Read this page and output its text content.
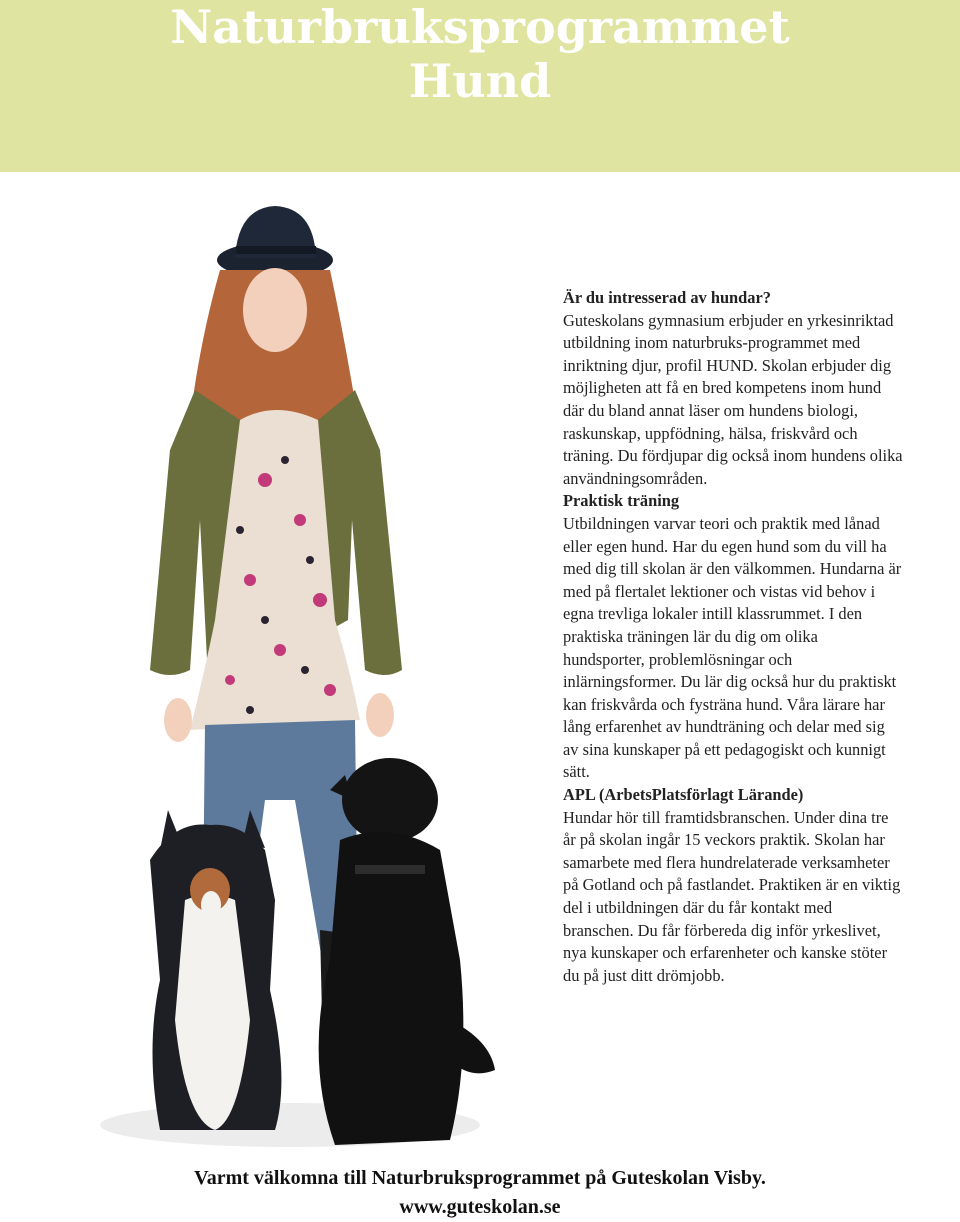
Naturbruksprogrammet
Hund

Är du intresserad av hundar?

Guteskolans gymnasium erbjuder en yrkesinriktad utbildning inom naturbruks-programmet med inriktning djur, profil HUND. Skolan erbjuder dig möjligheten att få en bred kompetens inom hund där du bland annat läser om hundens biologi, raskunskap, uppfödning, hälsa, friskvård och träning. Du fördjupar dig också inom hundens olika användningsområden.

Praktisk träning

Utbildningen varvar teori och praktik med lånad eller egen hund. Har du egen hund som du vill ha med dig till skolan är den välkommen. Hundarna är med på flertalet lektioner och vistas vid behov i egna trevliga lokaler intill klassrummet. I den praktiska träningen lär du dig om olika hundsporter, problemlösningar och inlärningsformer. Du lär dig också hur du praktiskt kan friskvårda och fysträna hund. Våra lärare har lång erfarenhet av hundträning och delar med sig av sina kunskaper på ett pedagogiskt och kunnigt sätt.

APL (ArbetsPlatsförlagt Lärande)

Hundar hör till framtidsbranschen. Under dina tre år på skolan ingår 15 veckors praktik. Skolan har samarbete med flera hundrelaterade verksamheter på Gotland och på fastlandet. Praktiken är en viktig del i utbildningen där du får kontakt med branschen. Du får förbereda dig inför yrkeslivet, nya kunskaper och erfarenheter och kanske stöter du på just ditt drömjobb.

Varmt välkomna till Naturbruksprogrammet på Guteskolan Visby.
www.guteskolan.se
